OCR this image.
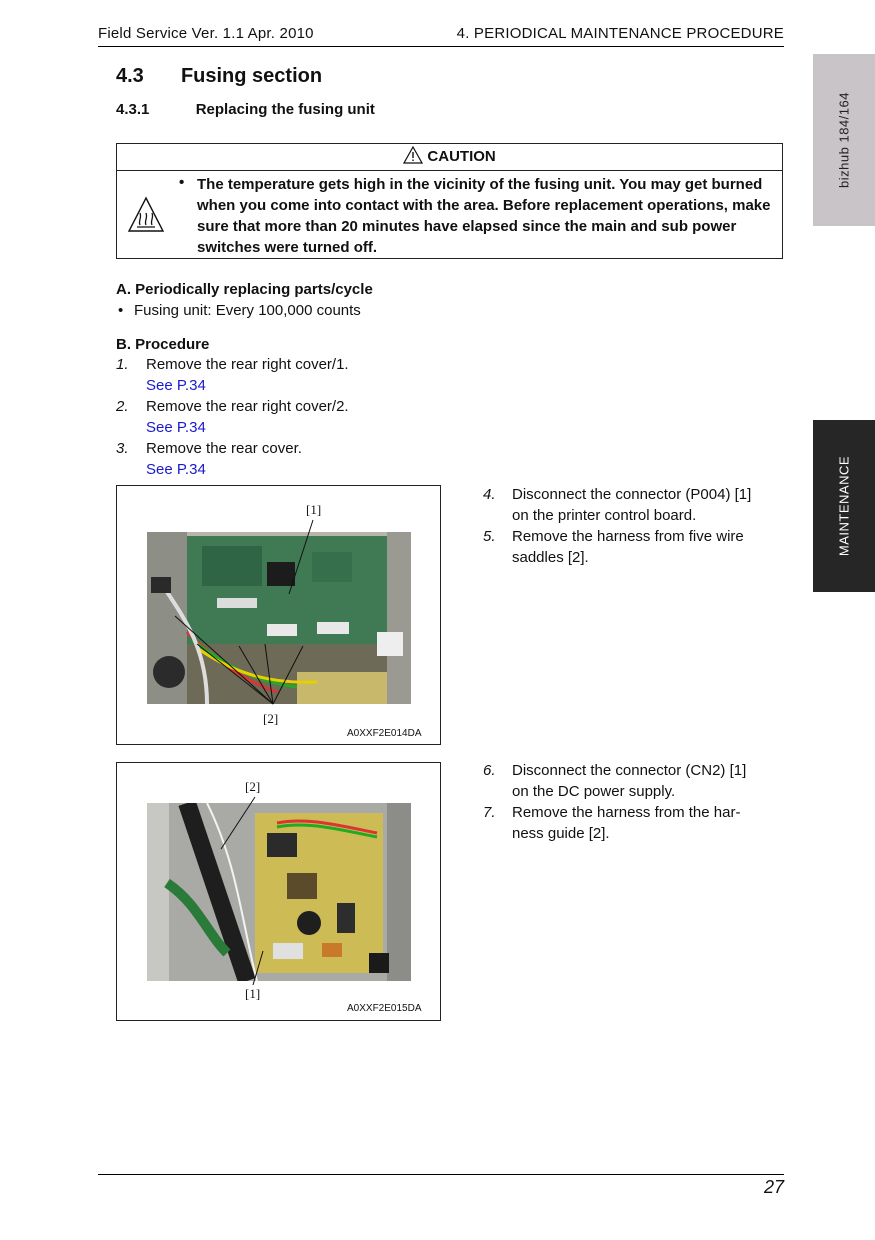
Field Service Ver. 1.1 Apr. 2010	4. PERIODICAL MAINTENANCE PROCEDURE
bizhub 184/164
MAINTENANCE
4.3 Fusing section
4.3.1	Replacing the fusing unit
CAUTION
• The temperature gets high in the vicinity of the fusing unit. You may get burned when you come into contact with the area. Before replacement operations, make sure that more than 20 minutes have elapsed since the main and sub power switches were turned off.
A. Periodically replacing parts/cycle
• Fusing unit: Every 100,000 counts
B. Procedure
1. Remove the rear right cover/1.
See P.34
2. Remove the rear right cover/2.
See P.34
3. Remove the rear cover.
See P.34
[1]
[2]
A0XXF2E014DA
4. Disconnect the connector (P004) [1]
on the printer control board.
5. Remove the harness from five wire
saddles [2].
[2]
[1]
A0XXF2E015DA
6. Disconnect the connector (CN2) [1]
on the DC power supply.
7. Remove the harness from the har-
ness guide [2].
27
